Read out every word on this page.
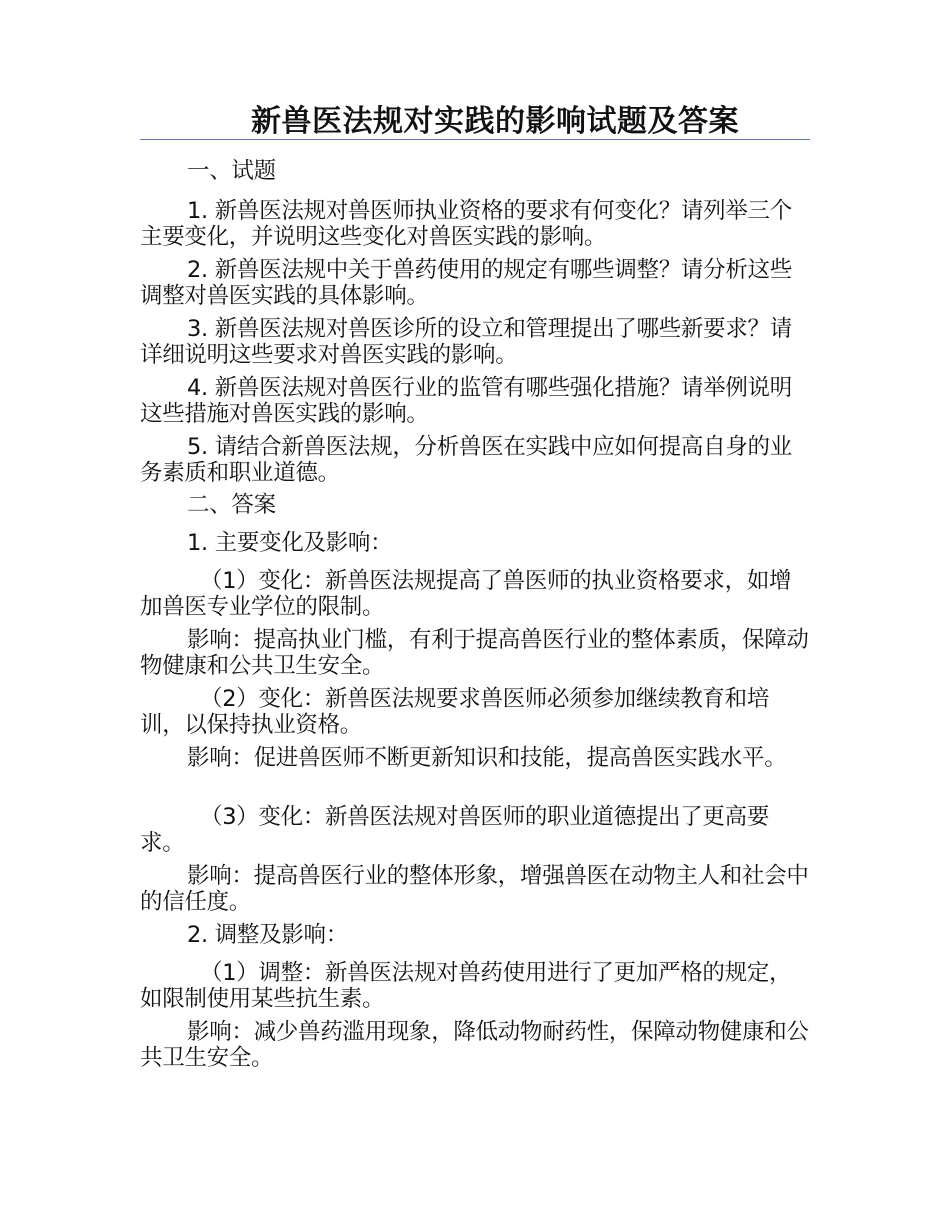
新兽医法规对实践的影响试题及答案

一、试题

1. 新兽医法规对兽医师执业资格的要求有何变化？请列举三个主要变化，并说明这些变化对兽医实践的影响。

2. 新兽医法规中关于兽药使用的规定有哪些调整？请分析这些调整对兽医实践的具体影响。

3. 新兽医法规对兽医诊所的设立和管理提出了哪些新要求？请详细说明这些要求对兽医实践的影响。

4. 新兽医法规对兽医行业的监管有哪些强化措施？请举例说明这些措施对兽医实践的影响。

5. 请结合新兽医法规，分析兽医在实践中应如何提高自身的业务素质和职业道德。

二、答案

1. 主要变化及影响：

（1）变化：新兽医法规提高了兽医师的执业资格要求，如增加兽医专业学位的限制。

影响：提高执业门槛，有利于提高兽医行业的整体素质，保障动物健康和公共卫生安全。

（2）变化：新兽医法规要求兽医师必须参加继续教育和培训，以保持执业资格。

影响：促进兽医师不断更新知识和技能，提高兽医实践水平。

（3）变化：新兽医法规对兽医师的职业道德提出了更高要求。

影响：提高兽医行业的整体形象，增强兽医在动物主人和社会中的信任度。

2. 调整及影响：

（1）调整：新兽医法规对兽药使用进行了更加严格的规定，如限制使用某些抗生素。

影响：减少兽药滥用现象，降低动物耐药性，保障动物健康和公共卫生安全。
